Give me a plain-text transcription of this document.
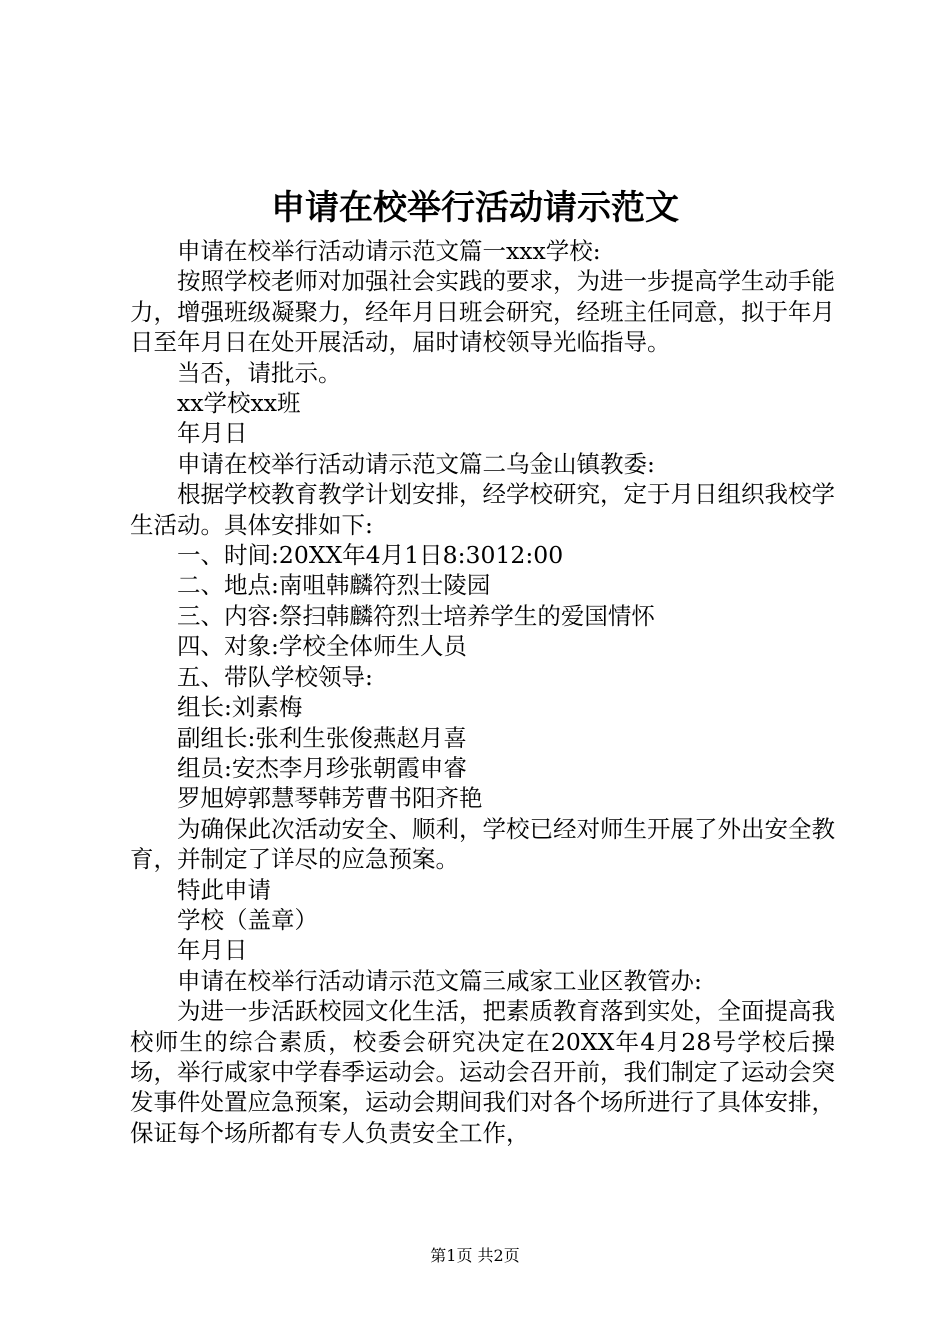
申请在校举行活动请示范文

申请在校举行活动请示范文篇一xxx学校:

按照学校老师对加强社会实践的要求，为进一步提高学生动手能力，增强班级凝聚力，经年月日班会研究，经班主任同意，拟于年月日至年月日在处开展活动，届时请校领导光临指导。

当否，请批示。

xx学校xx班

年月日

申请在校举行活动请示范文篇二乌金山镇教委:

根据学校教育教学计划安排，经学校研究，定于月日组织我校学生活动。具体安排如下:

一、时间:20XX年4月1日8:3012:00

二、地点:南咀韩麟符烈士陵园

三、内容:祭扫韩麟符烈士培养学生的爱国情怀

四、对象:学校全体师生人员

五、带队学校领导:

组长:刘素梅

副组长:张利生张俊燕赵月喜

组员:安杰李月珍张朝霞申睿

罗旭婷郭慧琴韩芳曹书阳齐艳

为确保此次活动安全、顺利，学校已经对师生开展了外出安全教育，并制定了详尽的应急预案。

特此申请

学校（盖章）

年月日

申请在校举行活动请示范文篇三咸家工业区教管办:

为进一步活跃校园文化生活，把素质教育落到实处，全面提高我校师生的综合素质，校委会研究决定在20XX年4月28号学校后操场，举行咸家中学春季运动会。运动会召开前，我们制定了运动会突发事件处置应急预案，运动会期间我们对各个场所进行了具体安排，保证每个场所都有专人负责安全工作，

第1页 共2页
